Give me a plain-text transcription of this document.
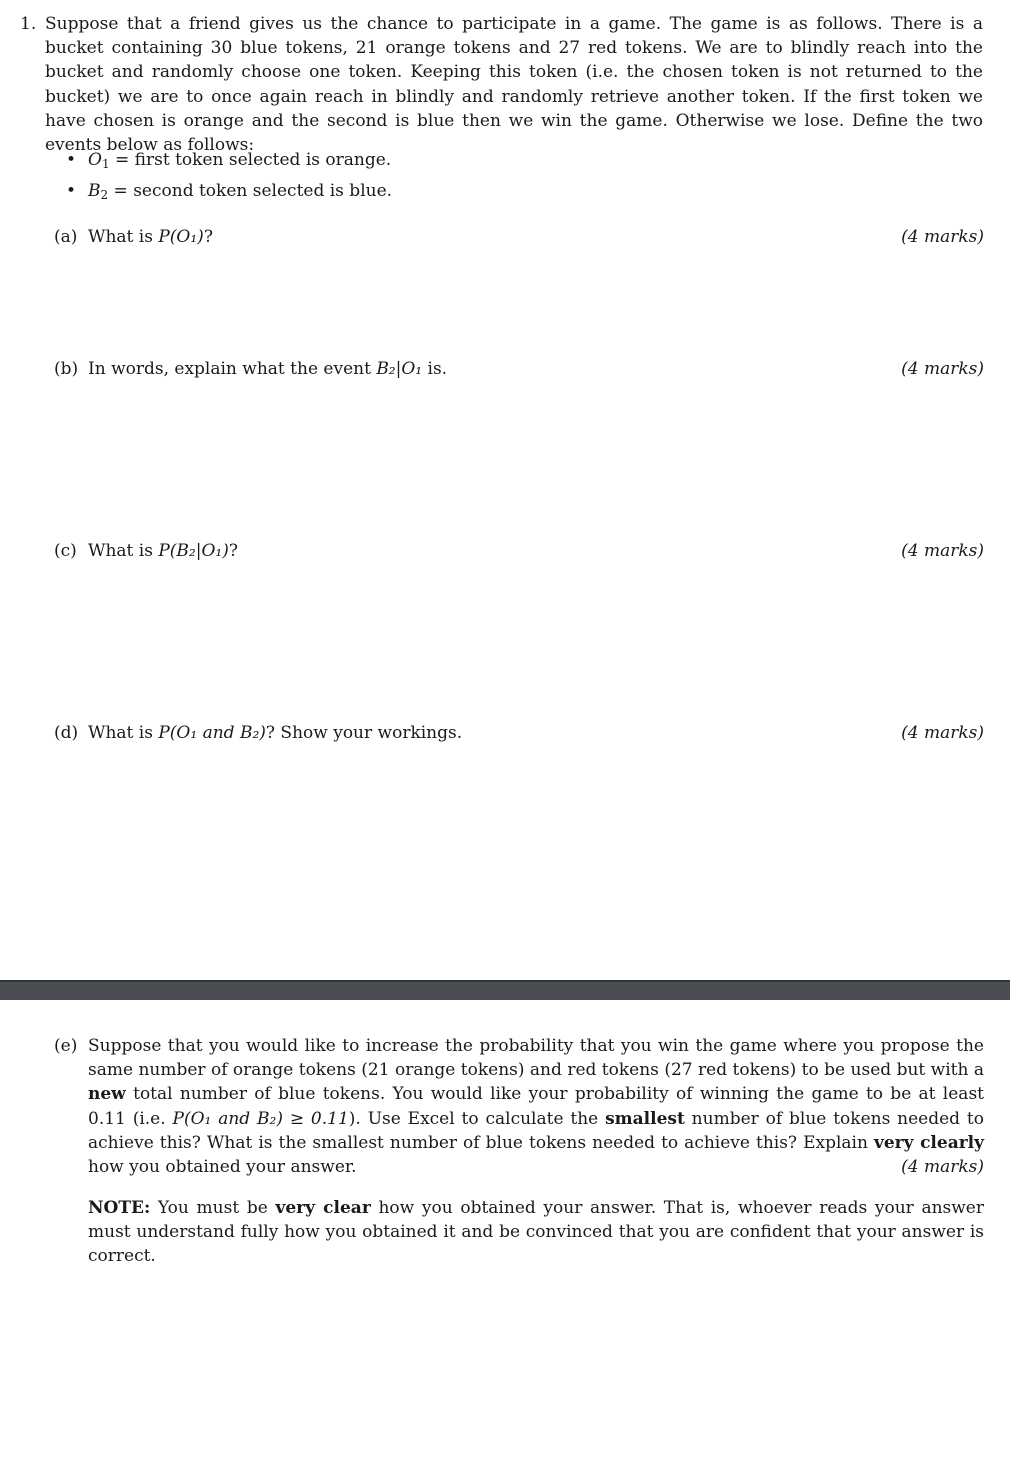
1. Suppose that a friend gives us the chance to participate in a game. The game is as follows. There is a bucket containing 30 blue tokens, 21 orange tokens and 27 red tokens. We are to blindly reach into the bucket and randomly choose one token. Keeping this token (i.e. the chosen token is not returned to the bucket) we are to once again reach in blindly and randomly retrieve another token. If the first token we have chosen is orange and the second is blue then we win the game. Otherwise we lose. Define the two events below as follows:
• $O_1$ = first token selected is orange.
• $B_2$ = second token selected is blue.
(a) What is P(O₁)?	(4 marks)
(b) In words, explain what the event B₂|O₁ is.	(4 marks)
(c) What is P(B₂|O₁)?	(4 marks)
(d) What is P(O₁ and B₂)? Show your workings.	(4 marks)
(e) Suppose that you would like to increase the probability that you win the game where you propose the same number of orange tokens (21 orange tokens) and red tokens (27 red tokens) to be used but with a new total number of blue tokens. You would like your probability of winning the game to be at least 0.11 (i.e. P(O₁ and B₂) ≥ 0.11). Use Excel to calculate the smallest number of blue tokens needed to achieve this? What is the smallest number of blue tokens needed to achieve this? Explain very clearly how you obtained your answer.	(4 marks)
NOTE: You must be very clear how you obtained your answer. That is, whoever reads your answer must understand fully how you obtained it and be convinced that you are confident that your answer is correct.
